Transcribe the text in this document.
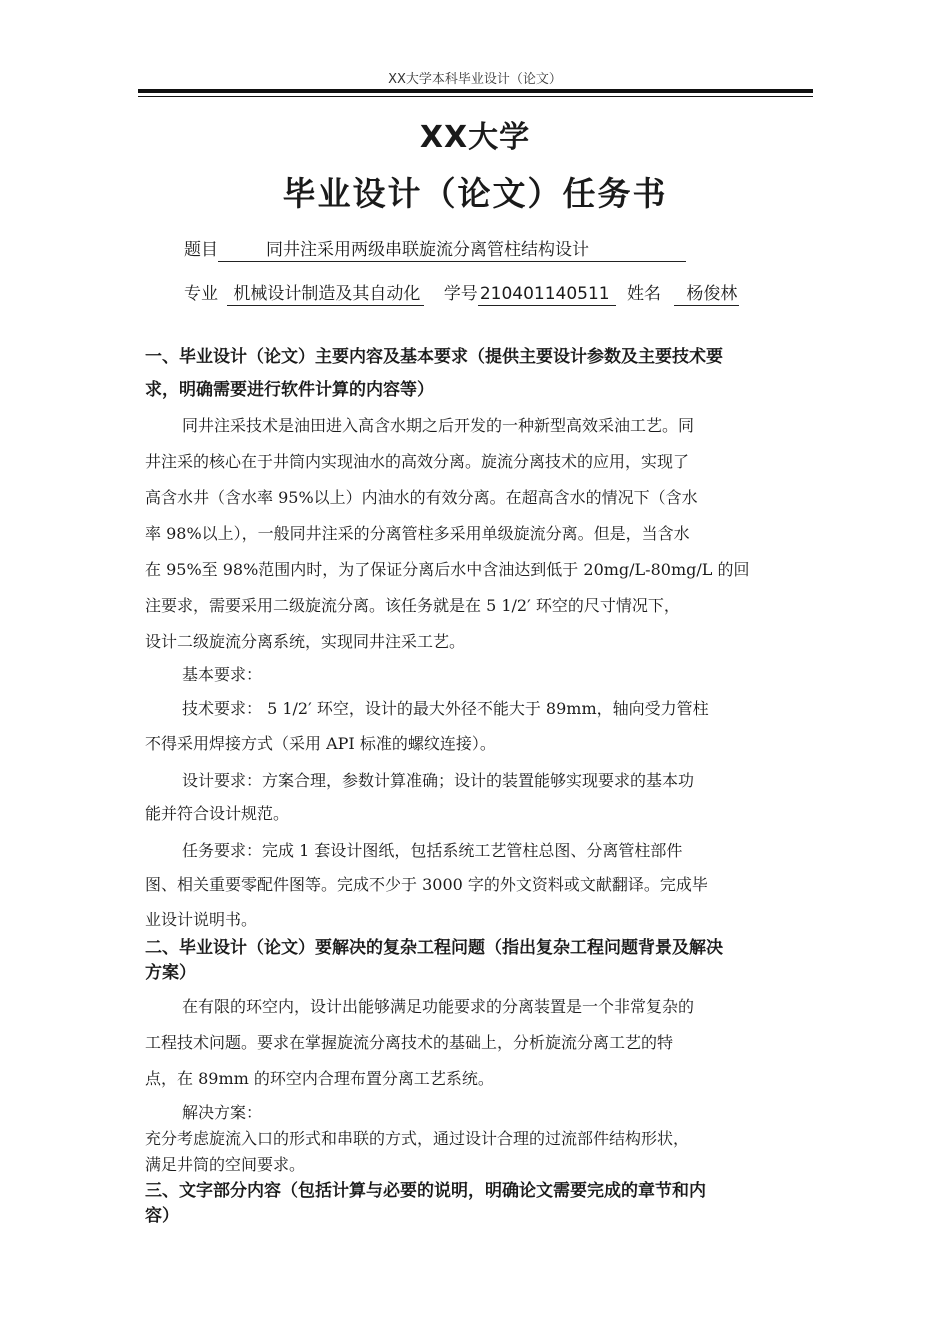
XX大学本科毕业设计（论文）
XX大学
毕业设计（论文）任务书
题目	同井注采用两级串联旋流分离管柱结构设计
专业 机械设计制造及其自动化 学号 210401140511 姓名 杨俊林
一、毕业设计（论文）主要内容及基本要求（提供主要设计参数及主要技术要
求，明确需要进行软件计算的内容等）
同井注采技术是油田进入高含水期之后开发的一种新型高效采油工艺。同
井注采的核心在于井筒内实现油水的高效分离。旋流分离技术的应用，实现了
高含水井（含水率 95%以上）内油水的有效分离。在超高含水的情况下（含水
率 98%以上），一般同井注采的分离管柱多采用单级旋流分离。但是，当含水
在 95%至 98%范围内时，为了保证分离后水中含油达到低于 20mg/L-80mg/L 的回
注要求，需要采用二级旋流分离。该任务就是在 5 1/2′ 环空的尺寸情况下，
设计二级旋流分离系统，实现同井注采工艺。
基本要求：
技术要求： 5 1/2′ 环空，设计的最大外径不能大于 89mm，轴向受力管柱
不得采用焊接方式（采用 API 标准的螺纹连接）。
设计要求：方案合理，参数计算准确；设计的装置能够实现要求的基本功
能并符合设计规范。
任务要求：完成 1 套设计图纸，包括系统工艺管柱总图、分离管柱部件
图、相关重要零配件图等。完成不少于 3000 字的外文资料或文献翻译。完成毕
业设计说明书。
二、毕业设计（论文）要解决的复杂工程问题（指出复杂工程问题背景及解决
方案）
在有限的环空内，设计出能够满足功能要求的分离装置是一个非常复杂的
工程技术问题。要求在掌握旋流分离技术的基础上，分析旋流分离工艺的特
点，在 89mm 的环空内合理布置分离工艺系统。
解决方案：
充分考虑旋流入口的形式和串联的方式，通过设计合理的过流部件结构形状，
满足井筒的空间要求。
三、文字部分内容（包括计算与必要的说明，明确论文需要完成的章节和内
容）
